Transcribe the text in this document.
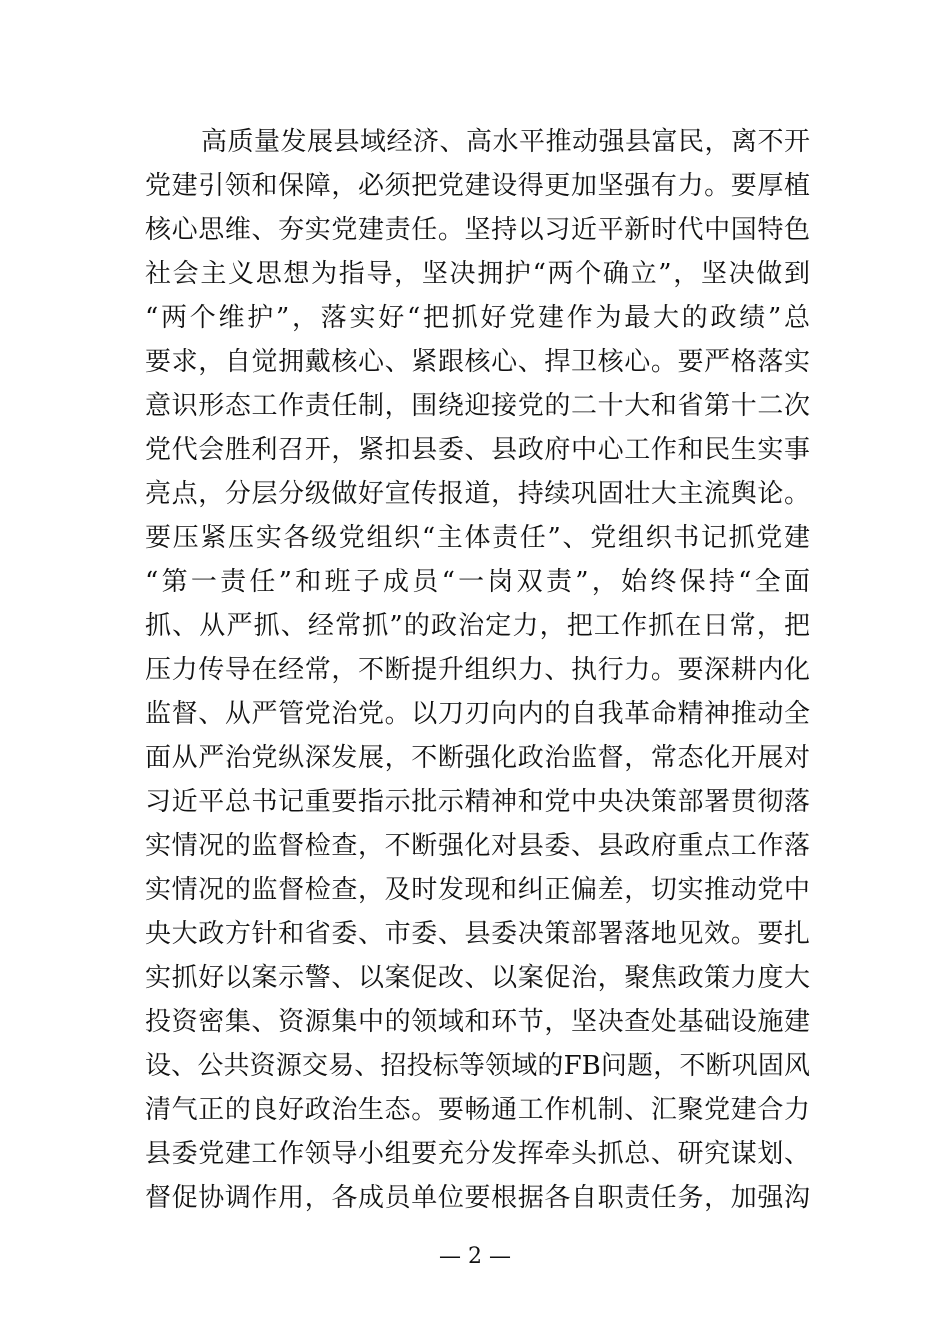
高质量发展县域经济、高水平推动强县富民，离不开
党建引领和保障，必须把党建设得更加坚强有力。要厚植
核心思维、夯实党建责任。坚持以习近平新时代中国特色
社会主义思想为指导，坚决拥护“两个确立”，坚决做到
“两个维护”，落实好“把抓好党建作为最大的政绩”总
要求，自觉拥戴核心、紧跟核心、捍卫核心。要严格落实
意识形态工作责任制，围绕迎接党的二十大和省第十二次
党代会胜利召开，紧扣县委、县政府中心工作和民生实事
亮点，分层分级做好宣传报道，持续巩固壮大主流舆论。
要压紧压实各级党组织“主体责任”、党组织书记抓党建
“第一责任”和班子成员“一岗双责”，始终保持“全面
抓、从严抓、经常抓”的政治定力，把工作抓在日常，把
压力传导在经常，不断提升组织力、执行力。要深耕内化
监督、从严管党治党。以刀刃向内的自我革命精神推动全
面从严治党纵深发展，不断强化政治监督，常态化开展对
习近平总书记重要指示批示精神和党中央决策部署贯彻落
实情况的监督检查，不断强化对县委、县政府重点工作落
实情况的监督检查，及时发现和纠正偏差，切实推动党中
央大政方针和省委、市委、县委决策部署落地见效。要扎
实抓好以案示警、以案促改、以案促治，聚焦政策力度大
投资密集、资源集中的领域和环节，坚决查处基础设施建
设、公共资源交易、招投标等领域的FB问题，不断巩固风
清气正的良好政治生态。要畅通工作机制、汇聚党建合力
县委党建工作领导小组要充分发挥牵头抓总、研究谋划、
督促协调作用，各成员单位要根据各自职责任务，加强沟
— 2 —
